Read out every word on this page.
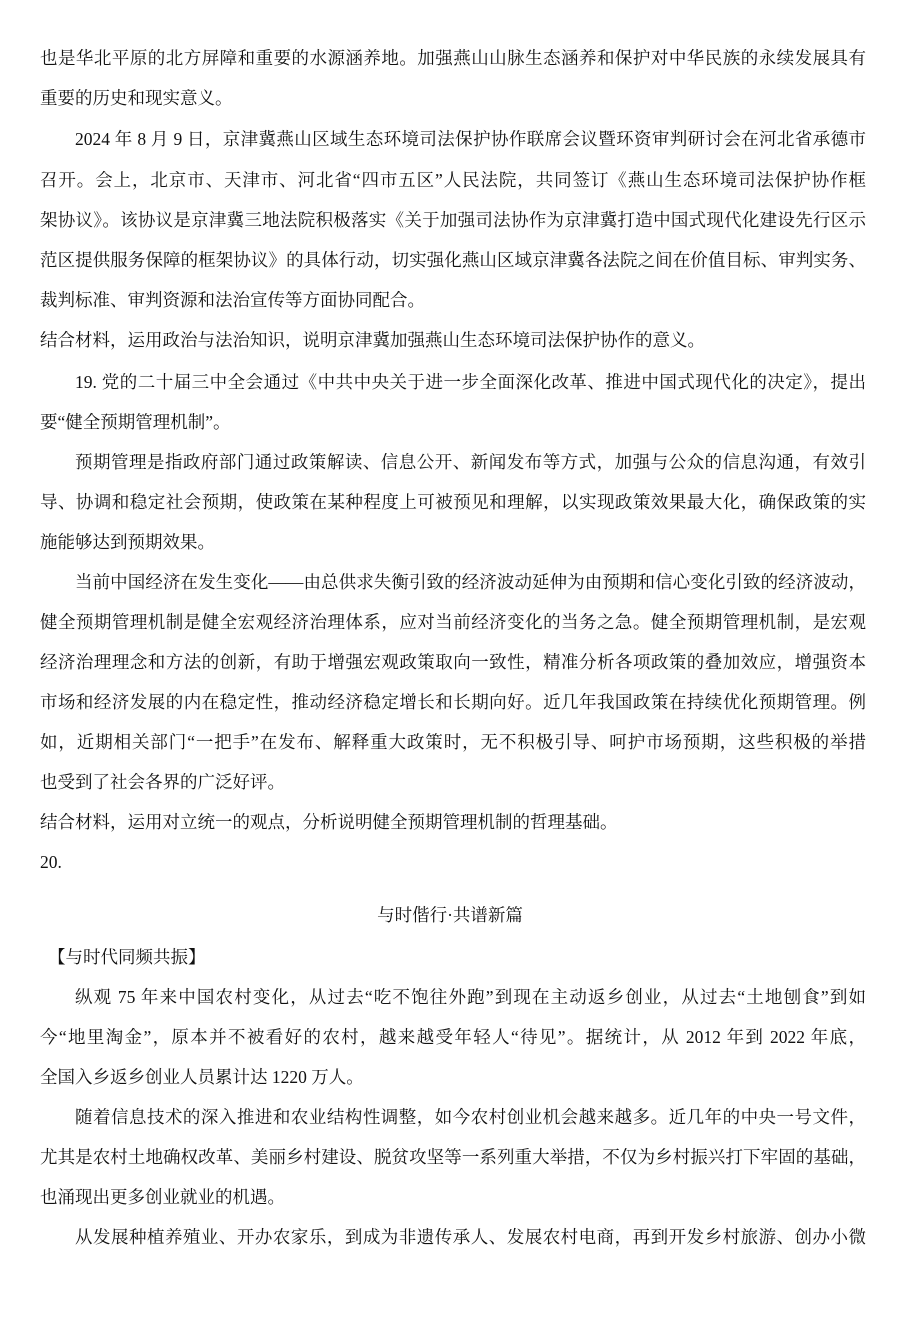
也是华北平原的北方屏障和重要的水源涵养地。加强燕山山脉生态涵养和保护对中华民族的永续发展具有
重要的历史和现实意义。
2024 年 8 月 9 日，京津冀燕山区域生态环境司法保护协作联席会议暨环资审判研讨会在河北省承德市
召开。会上，北京市、天津市、河北省“四市五区”人民法院，共同签订《燕山生态环境司法保护协作框
架协议》。该协议是京津冀三地法院积极落实《关于加强司法协作为京津冀打造中国式现代化建设先行区示
范区提供服务保障的框架协议》的具体行动，切实强化燕山区域京津冀各法院之间在价值目标、审判实务、
裁判标准、审判资源和法治宣传等方面协同配合。
结合材料，运用政治与法治知识，说明京津冀加强燕山生态环境司法保护协作的意义。
19. 党的二十届三中全会通过《中共中央关于进一步全面深化改革、推进中国式现代化的决定》，提出
要“健全预期管理机制”。
预期管理是指政府部门通过政策解读、信息公开、新闻发布等方式，加强与公众的信息沟通，有效引
导、协调和稳定社会预期，使政策在某种程度上可被预见和理解，以实现政策效果最大化，确保政策的实
施能够达到预期效果。
当前中国经济在发生变化——由总供求失衡引致的经济波动延伸为由预期和信心变化引致的经济波动，
健全预期管理机制是健全宏观经济治理体系，应对当前经济变化的当务之急。健全预期管理机制，是宏观
经济治理理念和方法的创新，有助于增强宏观政策取向一致性，精准分析各项政策的叠加效应，增强资本
市场和经济发展的内在稳定性，推动经济稳定增长和长期向好。近几年我国政策在持续优化预期管理。例
如，近期相关部门“一把手”在发布、解释重大政策时，无不积极引导、呵护市场预期，这些积极的举措
也受到了社会各界的广泛好评。
结合材料，运用对立统一的观点，分析说明健全预期管理机制的哲理基础。
20.
与时偕行·共谱新篇
【与时代同频共振】
纵观 75 年来中国农村变化，从过去“吃不饱往外跑”到现在主动返乡创业，从过去“土地刨食”到如
今“地里淘金”，原本并不被看好的农村，越来越受年轻人“待见”。据统计，从 2012 年到 2022 年底，
全国入乡返乡创业人员累计达 1220 万人。
随着信息技术的深入推进和农业结构性调整，如今农村创业机会越来越多。近几年的中央一号文件，
尤其是农村土地确权改革、美丽乡村建设、脱贫攻坚等一系列重大举措，不仅为乡村振兴打下牢固的基础，
也涌现出更多创业就业的机遇。
从发展种植养殖业、开办农家乐，到成为非遗传承人、发展农村电商，再到开发乡村旅游、创办小微
